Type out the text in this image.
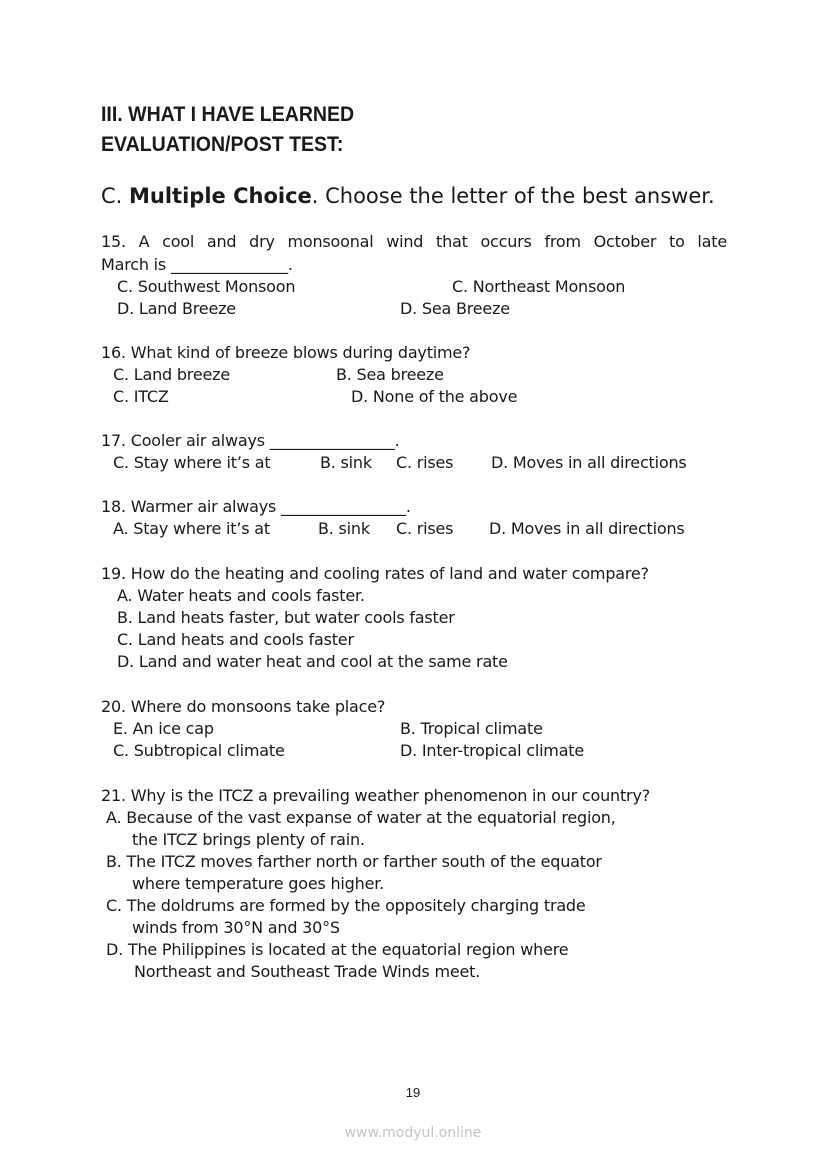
III. WHAT I HAVE LEARNED
EVALUATION/POST TEST:
C. Multiple Choice. Choose the letter of the best answer.
15. A cool and dry monsoonal wind that occurs from October to late
March is _______________.
C. Southwest Monsoon	C. Northeast Monsoon
D. Land Breeze	D. Sea Breeze
16. What kind of breeze blows during daytime?
C. Land breeze	B. Sea breeze
C. ITCZ	D. None of the above
17. Cooler air always ________________.
C. Stay where it’s at	B. sink C. rises D. Moves in all directions
18. Warmer air always ________________.
A. Stay where it’s at	B. sink C. rises D. Moves in all directions
19. How do the heating and cooling rates of land and water compare?
A. Water heats and cools faster.
B. Land heats faster, but water cools faster
C. Land heats and cools faster
D. Land and water heat and cool at the same rate
20. Where do monsoons take place?
E. An ice cap	B. Tropical climate
C. Subtropical climate	D. Inter-tropical climate
21. Why is the ITCZ a prevailing weather phenomenon in our country?
A. Because of the vast expanse of water at the equatorial region,
the ITCZ brings plenty of rain.
B. The ITCZ moves farther north or farther south of the equator
where temperature goes higher.
C. The doldrums are formed by the oppositely charging trade
winds from 30°N and 30°S
D. The Philippines is located at the equatorial region where
Northeast and Southeast Trade Winds meet.
19
www.modyul.online
